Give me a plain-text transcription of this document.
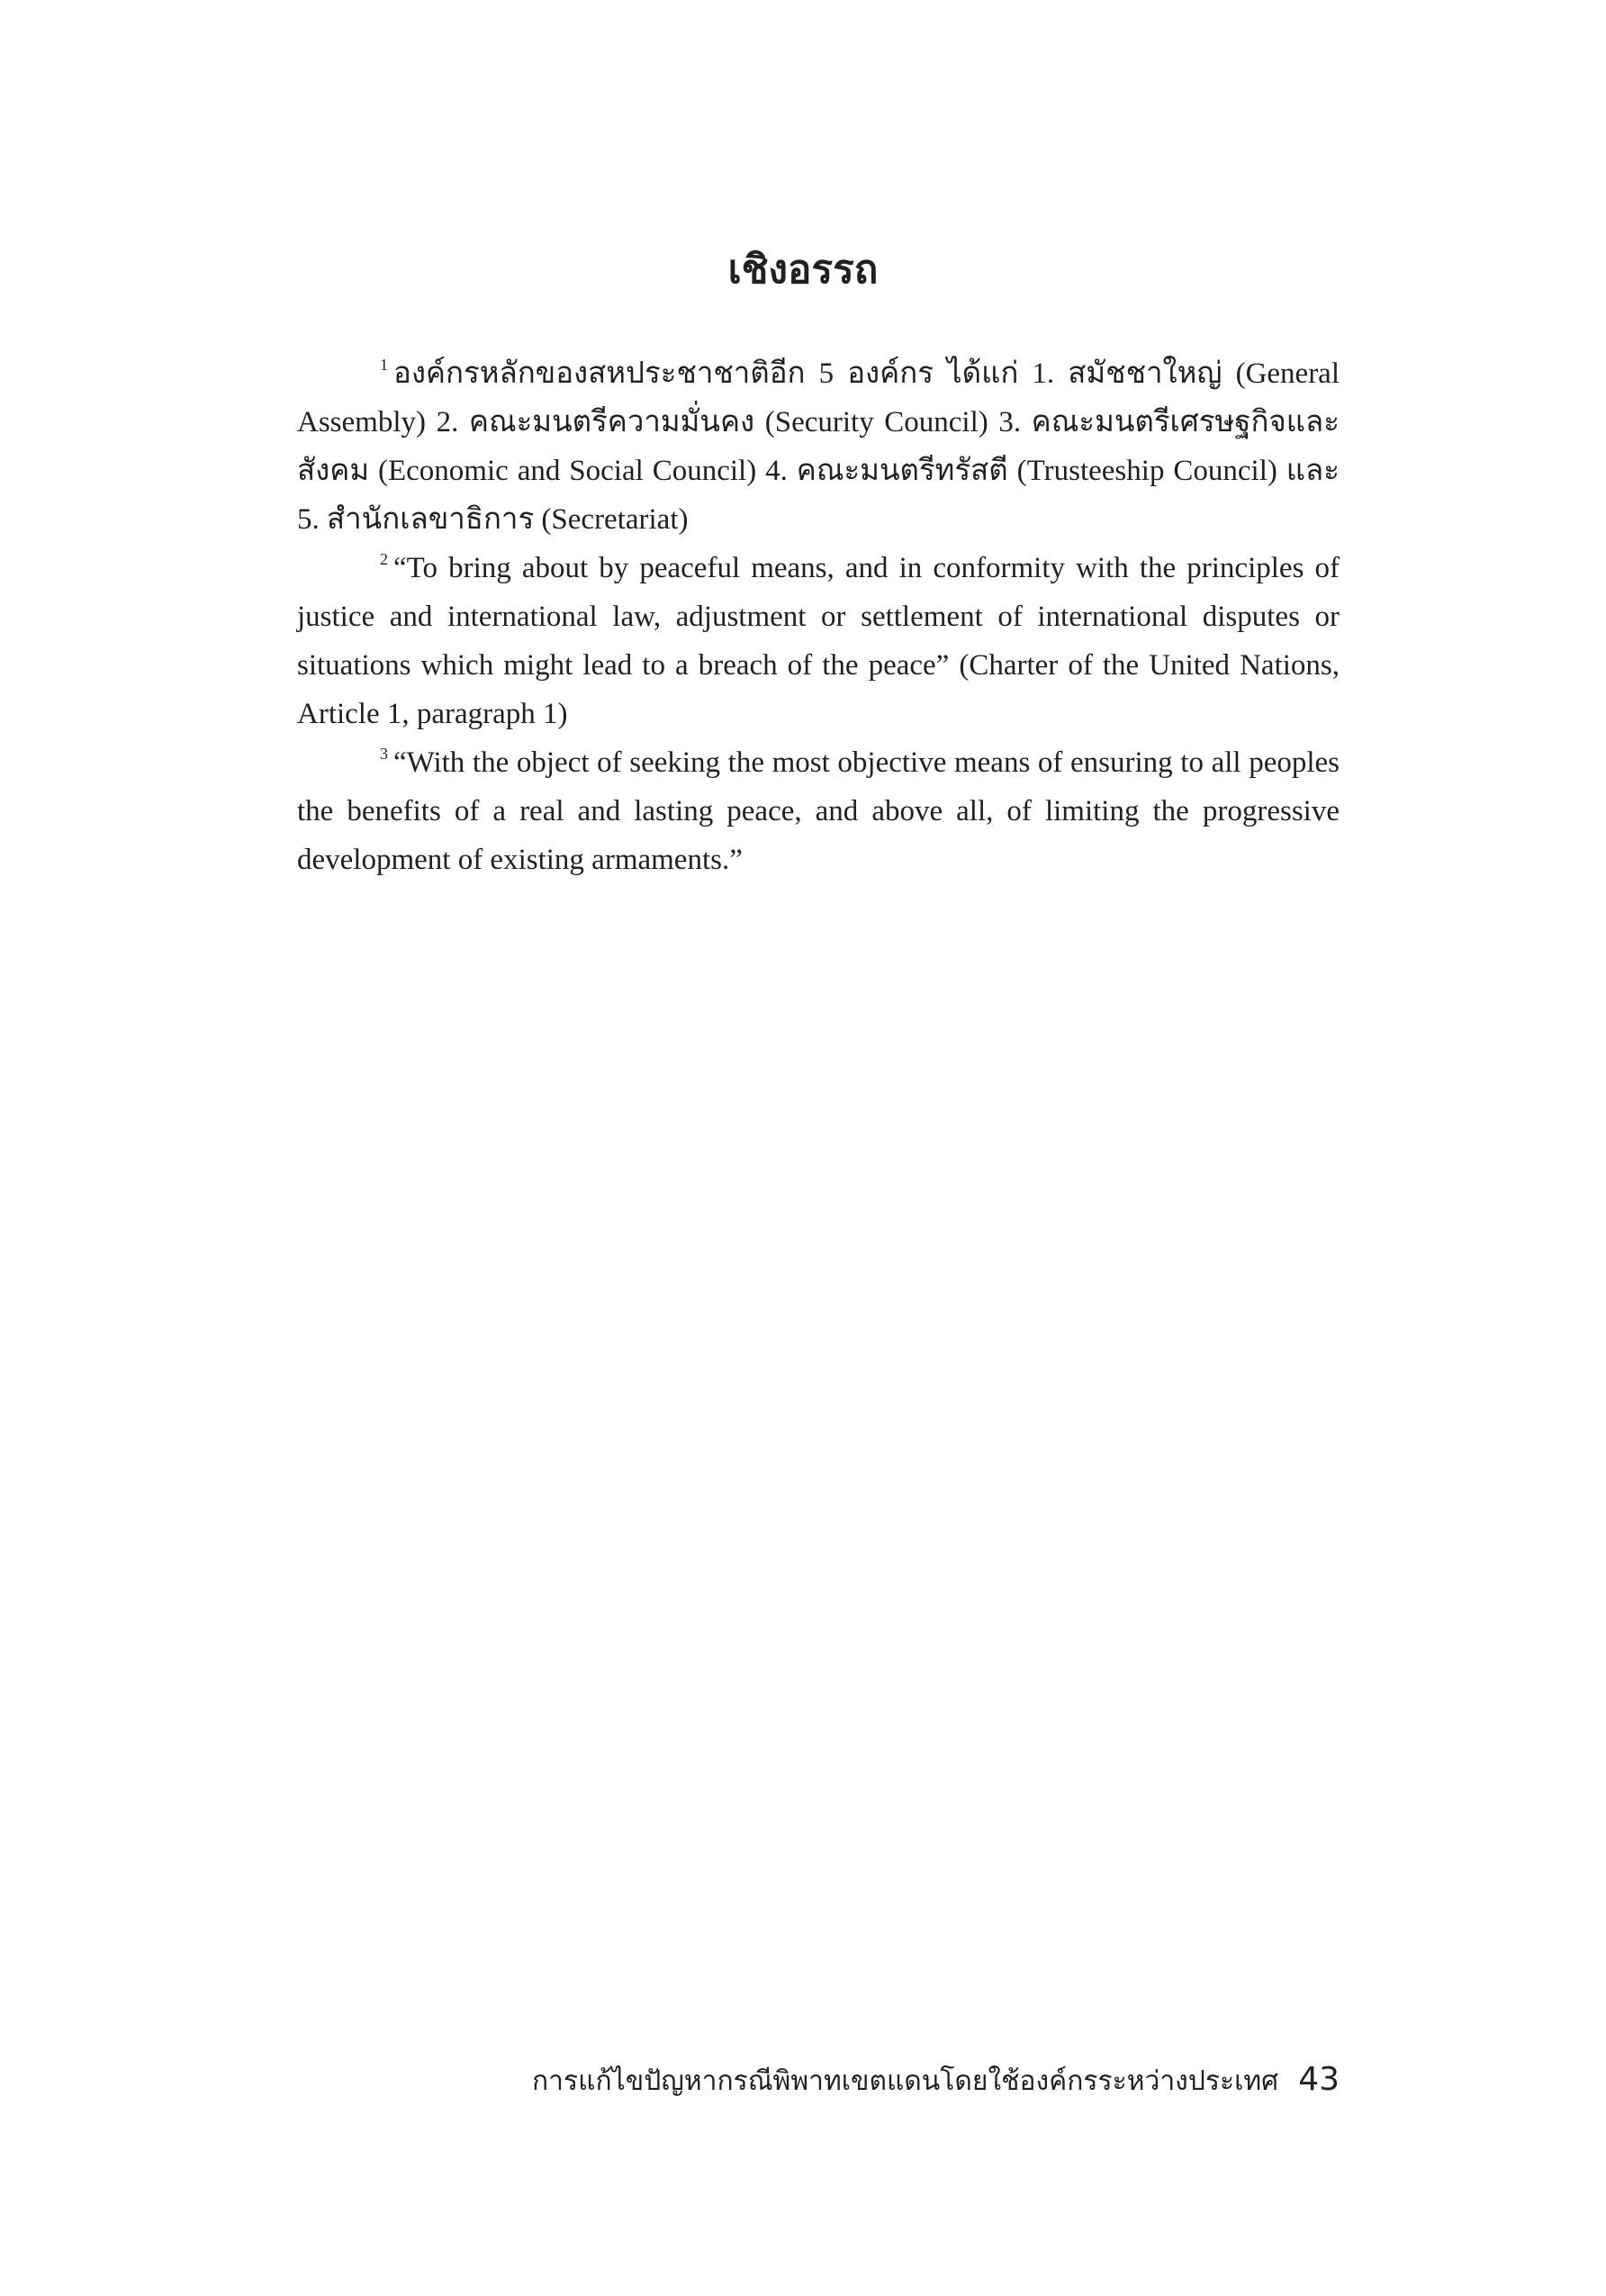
เชิงอรรถ

$^1$ องค์กรหลักของสหประชาชาติอีก 5 องค์กร ได้แก่ 1. สมัชชาใหญ่ (General Assembly) 2. คณะมนตรีความมั่นคง (Security Council) 3. คณะมนตรีเศรษฐกิจและสังคม (Economic and Social Council) 4. คณะมนตรีทรัสตี (Trusteeship Council) และ 5. สำนักเลขาธิการ (Secretariat)

$^2$ “To bring about by peaceful means, and in conformity with the principles of justice and international law, adjustment or settlement of international disputes or situations which might lead to a breach of the peace” (Charter of the United Nations, Article 1, paragraph 1)

$^3$ “With the object of seeking the most objective means of ensuring to all peoples the benefits of a real and lasting peace, and above all, of limiting the progressive development of existing armaments.”

การแก้ไขปัญหากรณีพิพาทเขตแดนโดยใช้องค์กรระหว่างประเทศ 43
